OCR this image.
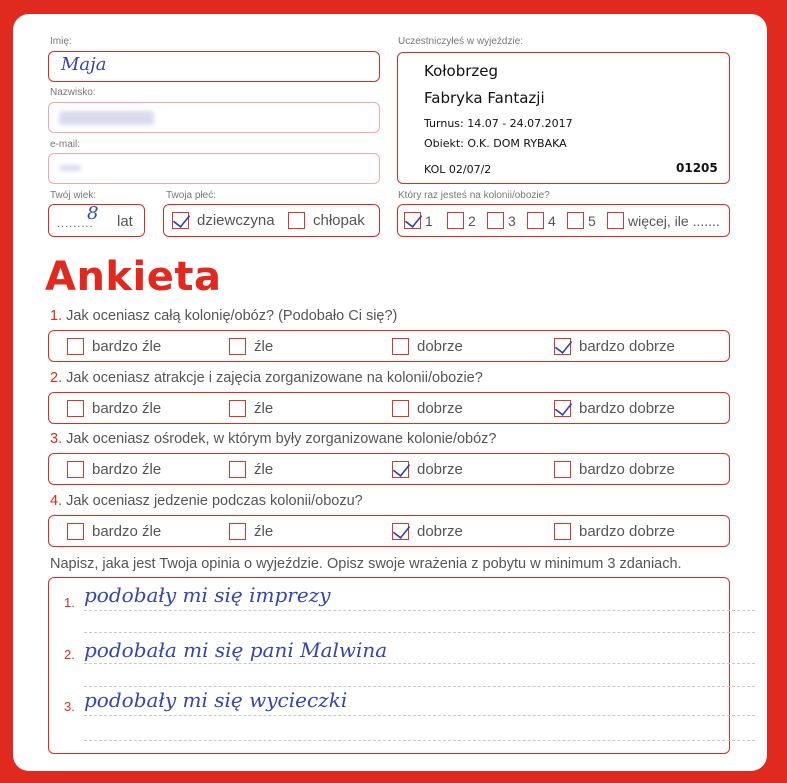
Imię:
Maja
Nazwisko:
e-mail:
Twój wiek:
.........
8 lat
Twoja płeć:
dziewczyna	chłopak
Uczestniczyłeś w wyjeździe:
Kołobrzeg
Fabryka Fantazji
Turnus: 14.07 - 24.07.2017
Obiekt: O.K. DOM RYBAKA
KOL 02/07/2	01205
Który raz jesteś na kolonii/obozie?
1	2 3 4 5 więcej, ile .......
Ankieta
1. Jak oceniasz całą kolonię/obóz? (Podobało Ci się?)
bardzo źle	źle	dobrze	bardzo dobrze
2. Jak oceniasz atrakcje i zajęcia zorganizowane na kolonii/obozie?
bardzo źle	źle	dobrze	bardzo dobrze
3. Jak oceniasz ośrodek, w którym były zorganizowane kolonie/obóz?
bardzo źle	źle	dobrze	bardzo dobrze
4. Jak oceniasz jedzenie podczas kolonii/obozu?
bardzo źle	źle	dobrze	bardzo dobrze
Napisz, jaka jest Twoja opinia o wyjeździe. Opisz swoje wrażenia z pobytu w minimum 3 zdaniach.
1. podobały mi się imprezy
2. podobała mi się pani Malwina
3. podobały mi się wycieczki
